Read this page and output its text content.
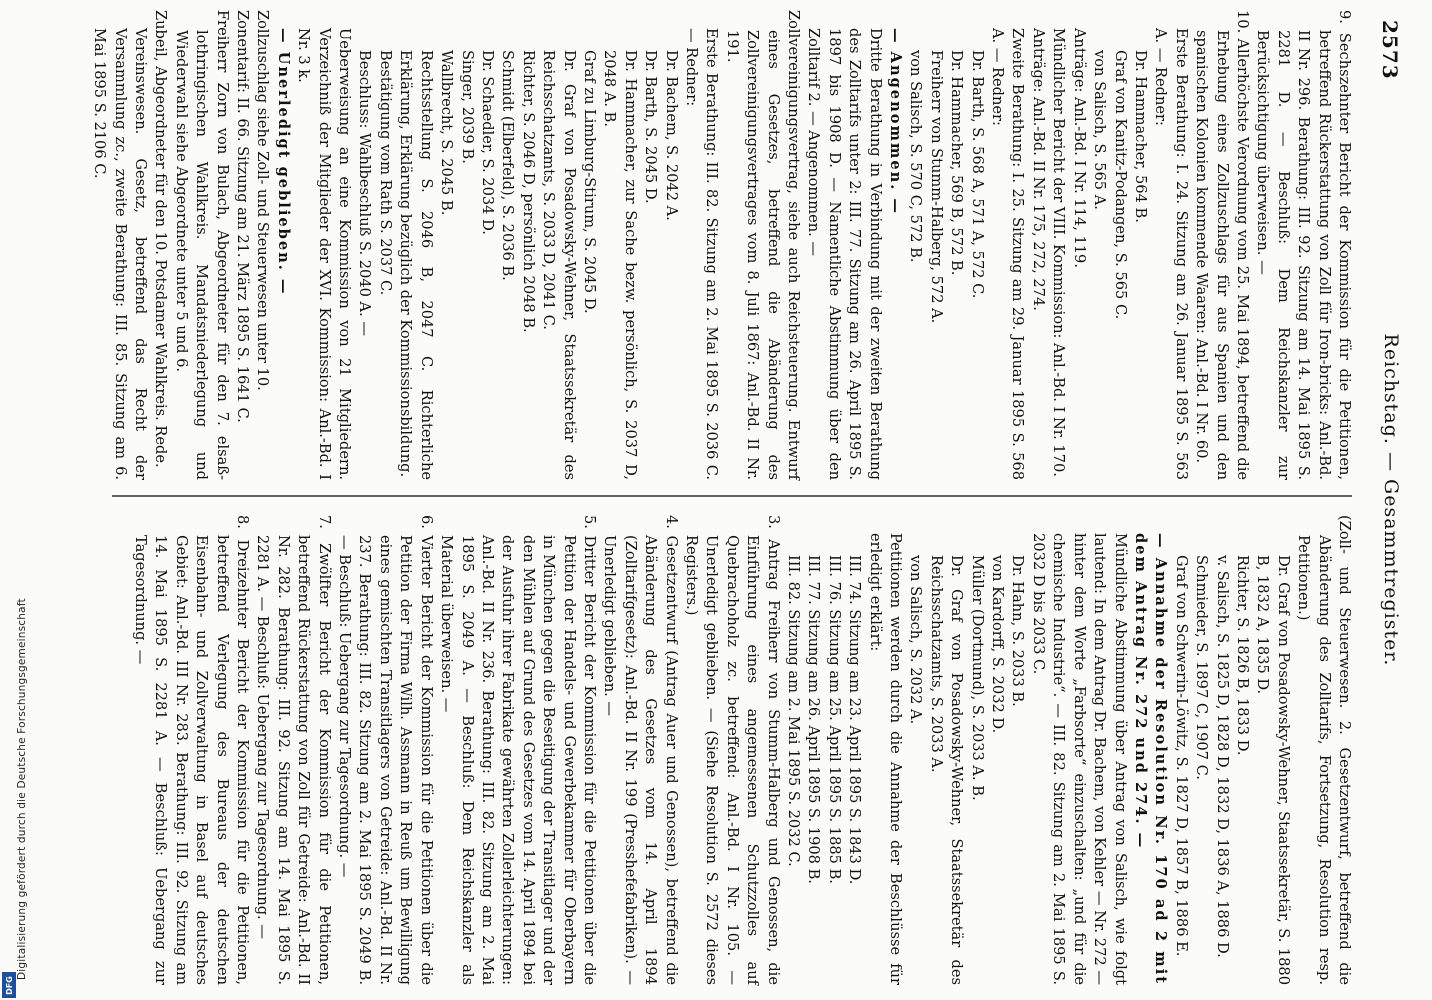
2573
Reichstag. — Gesammtregister.

9. Sechszehnter Bericht der Kommission für die Petitionen, betreffend Rückerstattung von Zoll für Iron-bricks: Anl.-Bd. II Nr. 296. Berathung: III. 92. Sitzung am 14. Mai 1895 S. 2281 D. — Beschluß: Dem Reichskanzler zur Berücksichtigung überweisen. —

10. Allerhöchste Verordnung vom 25. Mai 1894, betreffend die Erhebung eines Zollzuschlags für aus Spanien und den spanischen Kolonien kommende Waaren: Anl.-Bd. I Nr. 60.

Erste Berathung: I. 24. Sitzung am 26. Januar 1895 S. 563 A. — Redner:

Dr. Hammacher, 564 B.

Graf von Kanitz-Podangen, S. 565 C.

von Salisch, S. 565 A.

Anträge: Anl.-Bd. I Nr. 114, 119.

Mündlicher Bericht der VIII. Kommission: Anl.-Bd. I Nr. 170.

Anträge: Anl.-Bd. II Nr. 175, 272, 274.

Zweite Berathung: I. 25. Sitzung am 29. Januar 1895 S. 568 A. — Redner:

Dr. Barth, S. 568 A, 571 A, 572 C.

Dr. Hammacher, 569 B, 572 B.

Freiherr von Stumm-Halberg, 572 A.

von Salisch, S. 570 C, 572 B.

— Angenommen. —

Dritte Berathung in Verbindung mit der zweiten Berathung des Zolltarifs unter 2: III. 77. Sitzung am 26. April 1895 S. 1897 bis 1908 D. — Namentliche Abstimmung über den Zolltarif 2. — Angenommen. —

Zollvereinigungsvertrag, siehe auch Reichsteuerung. Entwurf eines Gesetzes, betreffend die Abänderung des Zollvereinigungsvertrages vom 8. Juli 1867: Anl.-Bd. II Nr. 191.

Erste Berathung: III. 82. Sitzung am 2. Mai 1895 S. 2036 C. — Redner:

Dr. Bachem, S. 2042 A.

Dr. Barth, S. 2045 D.

Dr. Hammacher, zur Sache bezw. persönlich, S. 2037 D, 2048 A. B.

Graf zu Limburg-Stirum, S. 2045 D.

Dr. Graf von Posadowsky-Wehner, Staatssekretär des Reichsschatzamts, S. 2033 D, 2041 C.

Richter, S. 2046 D, persönlich 2048 B.

Schmidt (Elberfeld), S. 2036 B.

Dr. Schaedler, S. 2034 D.

Singer, 2039 B.

Wallbrecht, S. 2045 B.

Rechtsstellung S. 2046 B, 2047 C. Richterliche Erklärung, Erklärung bezüglich der Kommissionsbildung.

Bestätigung vom Rath S. 2037 C.

Beschluss: Wahlbeschluß S. 2040 A. —

Ueberweisung an eine Kommission von 21 Mitgliedern. Verzeichniß der Mitglieder der XVI. Kommission: Anl.-Bd. I Nr. 3 k.

— Unerledigt geblieben. —

Zollzuschlag siehe Zoll- und Steuerwesen unter 10.

Zonentarif: II. 66. Sitzung am 21. März 1895 S. 1641 C.

Freiherr Zorn von Bulach, Abgeordneter für den 7. elsaß-lothringischen Wahlkreis. Mandatsniederlegung und Wiederwahl siehe Abgeordnete unter 5 und 6.

Zubeil, Abgeordneter für den 10. Potsdamer Wahlkreis. Rede.

Vereinswesen. Gesetz, betreffend das Recht der Versammlung zc., zweite Berathung: III. 85. Sitzung am 6. Mai 1895 S. 2106 C.

(Zoll- und Steuerwesen. 2. Gesetzentwurf, betreffend die Abänderung des Zolltarifs, Fortsetzung, Resolution resp. Petitionen.)

Dr. Graf von Posadowsky-Wehner, Staatssekretär, S. 1880 B, 1832 A, 1835 D.

Richter, S. 1826 B, 1833 D.

v. Salisch, S. 1825 D, 1828 D, 1832 D, 1836 A, 1886 D.

Schmieder, S. 1897 C, 1907 C.

Graf von Schwerin-Löwitz, S. 1827 D, 1857 B, 1886 E.

— Annahme der Resolution Nr. 170 ad 2 mit dem Antrag Nr. 272 und 274. —

Mündliche Abstimmung über Antrag von Salisch, wie folgt lautend: In dem Antrag Dr. Bachem, von Kehler — Nr. 272 — hinter dem Worte „Farbsorte“ einzuschalten: „und für die chemische Industrie“. — III. 82. Sitzung am 2. Mai 1895 S. 2032 D bis 2033 C.

Dr. Hahn, S. 2033 B.

von Kardorff, S. 2032 D.

Müller (Dortmund), S. 2033 A. B.

Dr. Graf von Posadowsky-Wehner, Staatssekretär des Reichsschatzamts, S. 2033 A.

von Salisch, S. 2032 A.

Petitionen werden durch die Annahme der Beschlüsse für erledigt erklärt:

III. 74. Sitzung am 23. April 1895 S. 1843 D.

III. 76. Sitzung am 25. April 1895 S. 1885 B.

III. 77. Sitzung am 26. April 1895 S. 1908 B.

III. 82. Sitzung am 2. Mai 1895 S. 2032 C.

3. Antrag Freiherr von Stumm-Halberg und Genossen, die Einführung eines angemessenen Schutzzolles auf Quebrachoholz zc. betreffend: Anl.-Bd. I Nr. 105. — Unerledigt geblieben. — (Siehe Resolution S. 2572 dieses Registers.)

4. Gesetzentwurf (Antrag Auer und Genossen), betreffend die Abänderung des Gesetzes vom 14. April 1894 (Zolltarifgesetz): Anl.-Bd. II Nr. 199 (Presshefefabriken). — Unerledigt geblieben. —

5. Dritter Bericht der Kommission für die Petitionen über die Petition der Handels- und Gewerbekammer für Oberbayern in München gegen die Beseitigung der Transitlager und der den Mühlen auf Grund des Gesetzes vom 14. April 1894 bei der Ausfuhr ihrer Fabrikate gewährten Zollerleichterungen: Anl.-Bd. II Nr. 236. Berathung: III. 82. Sitzung am 2. Mai 1895 S. 2049 A. — Beschluß: Dem Reichskanzler als Material überweisen. —

6. Vierter Bericht der Kommission für die Petitionen über die Petition der Firma Wilh. Assmann in Reuß um Bewilligung eines gemischten Transitlagers von Getreide: Anl.-Bd. II Nr. 237. Berathung: III. 82. Sitzung am 2. Mai 1895 S. 2049 B. — Beschluß: Uebergang zur Tagesordnung. —

7. Zwölfter Bericht der Kommission für die Petitionen, betreffend Rückerstattung von Zoll für Getreide: Anl.-Bd. II Nr. 282. Berathung: III. 92. Sitzung am 14. Mai 1895 S. 2281 A. — Beschluß: Uebergang zur Tagesordnung. —

8. Dreizehnter Bericht der Kommission für die Petitionen, betreffend Verlegung des Bureaus der deutschen Eisenbahn- und Zollverwaltung in Basel auf deutsches Gebiet: Anl.-Bd. III Nr. 283. Berathung: III. 92. Sitzung am 14. Mai 1895 S. 2281 A. — Beschluß: Uebergang zur Tagesordnung. —

Digitalisierung gefördert durch die Deutsche Forschungsgemeinschaft
DFG
